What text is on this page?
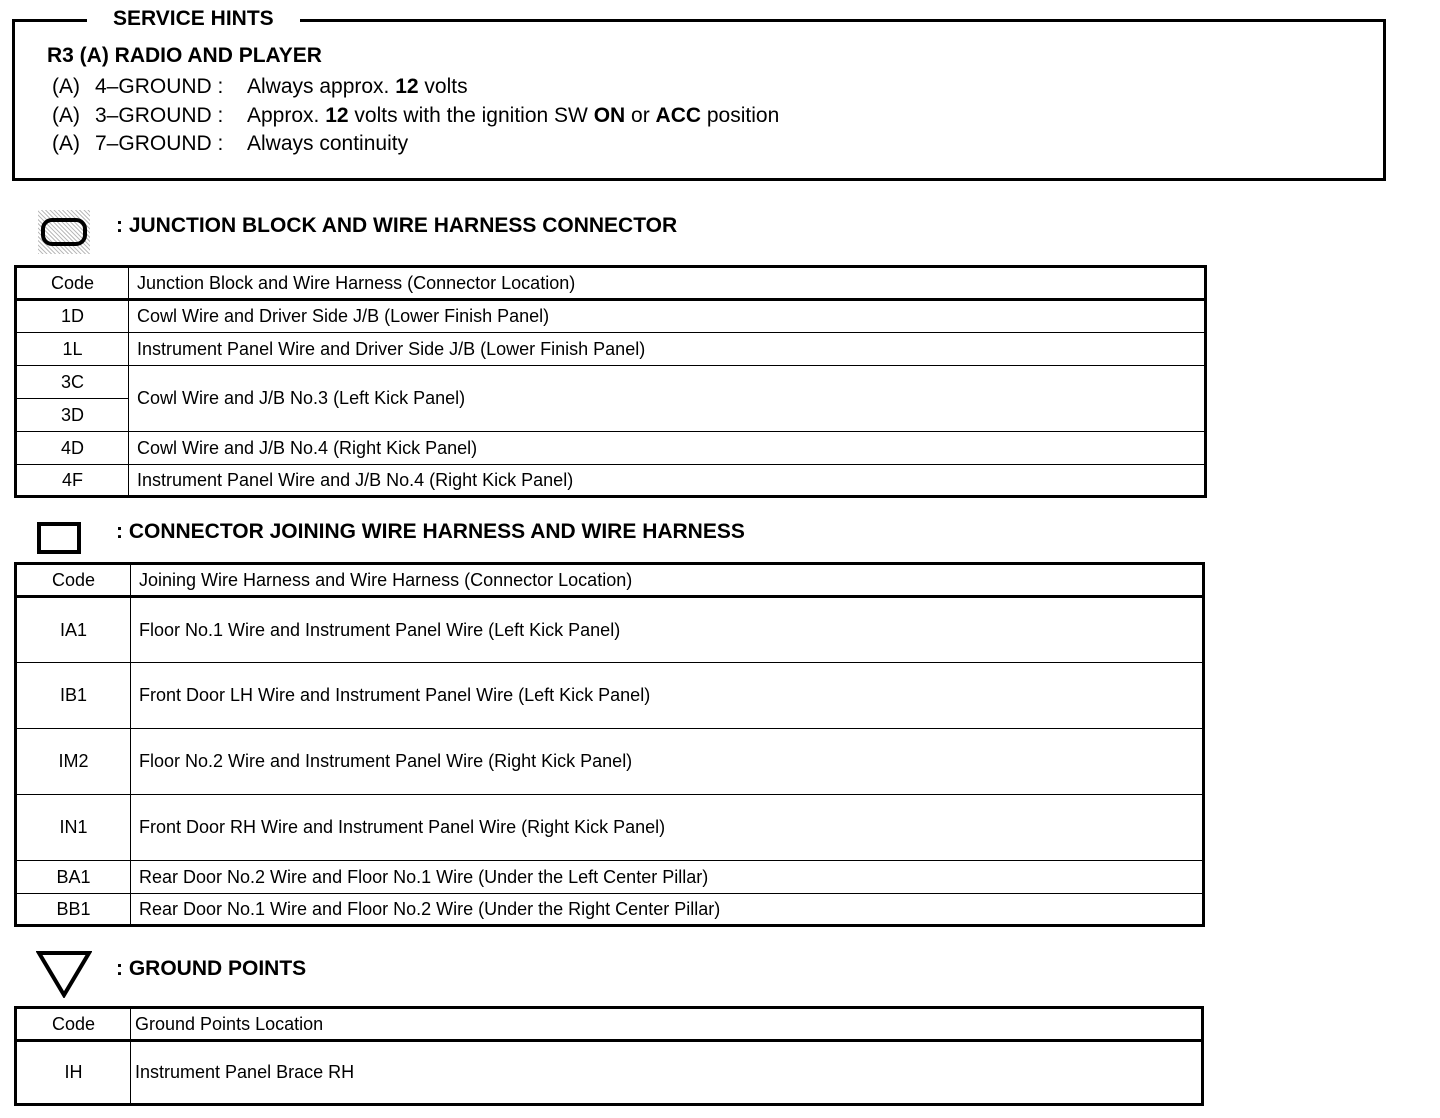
SERVICE HINTS
R3 (A) RADIO AND PLAYER
(A) 4–GROUND : Always approx. 12 volts
(A) 3–GROUND : Approx. 12 volts with the ignition SW ON or ACC position
(A) 7–GROUND : Always continuity
: JUNCTION BLOCK AND WIRE HARNESS CONNECTOR
Code	Junction Block and Wire Harness (Connector Location)
1D	Cowl Wire and Driver Side J/B (Lower Finish Panel)
1L	Instrument Panel Wire and Driver Side J/B (Lower Finish Panel)
3C	Cowl Wire and J/B No.3 (Left Kick Panel)
3D	
4D	Cowl Wire and J/B No.4 (Right Kick Panel)
4F	Instrument Panel Wire and J/B No.4 (Right Kick Panel)
: CONNECTOR JOINING WIRE HARNESS AND WIRE HARNESS
Code	Joining Wire Harness and Wire Harness (Connector Location)
IA1	Floor No.1 Wire and Instrument Panel Wire (Left Kick Panel)
IB1	Front Door LH Wire and Instrument Panel Wire (Left Kick Panel)
IM2	Floor No.2 Wire and Instrument Panel Wire (Right Kick Panel)
IN1	Front Door RH Wire and Instrument Panel Wire (Right Kick Panel)
BA1	Rear Door No.2 Wire and Floor No.1 Wire (Under the Left Center Pillar)
BB1	Rear Door No.1 Wire and Floor No.2 Wire (Under the Right Center Pillar)
: GROUND POINTS
Code	Ground Points Location
IH	Instrument Panel Brace RH
